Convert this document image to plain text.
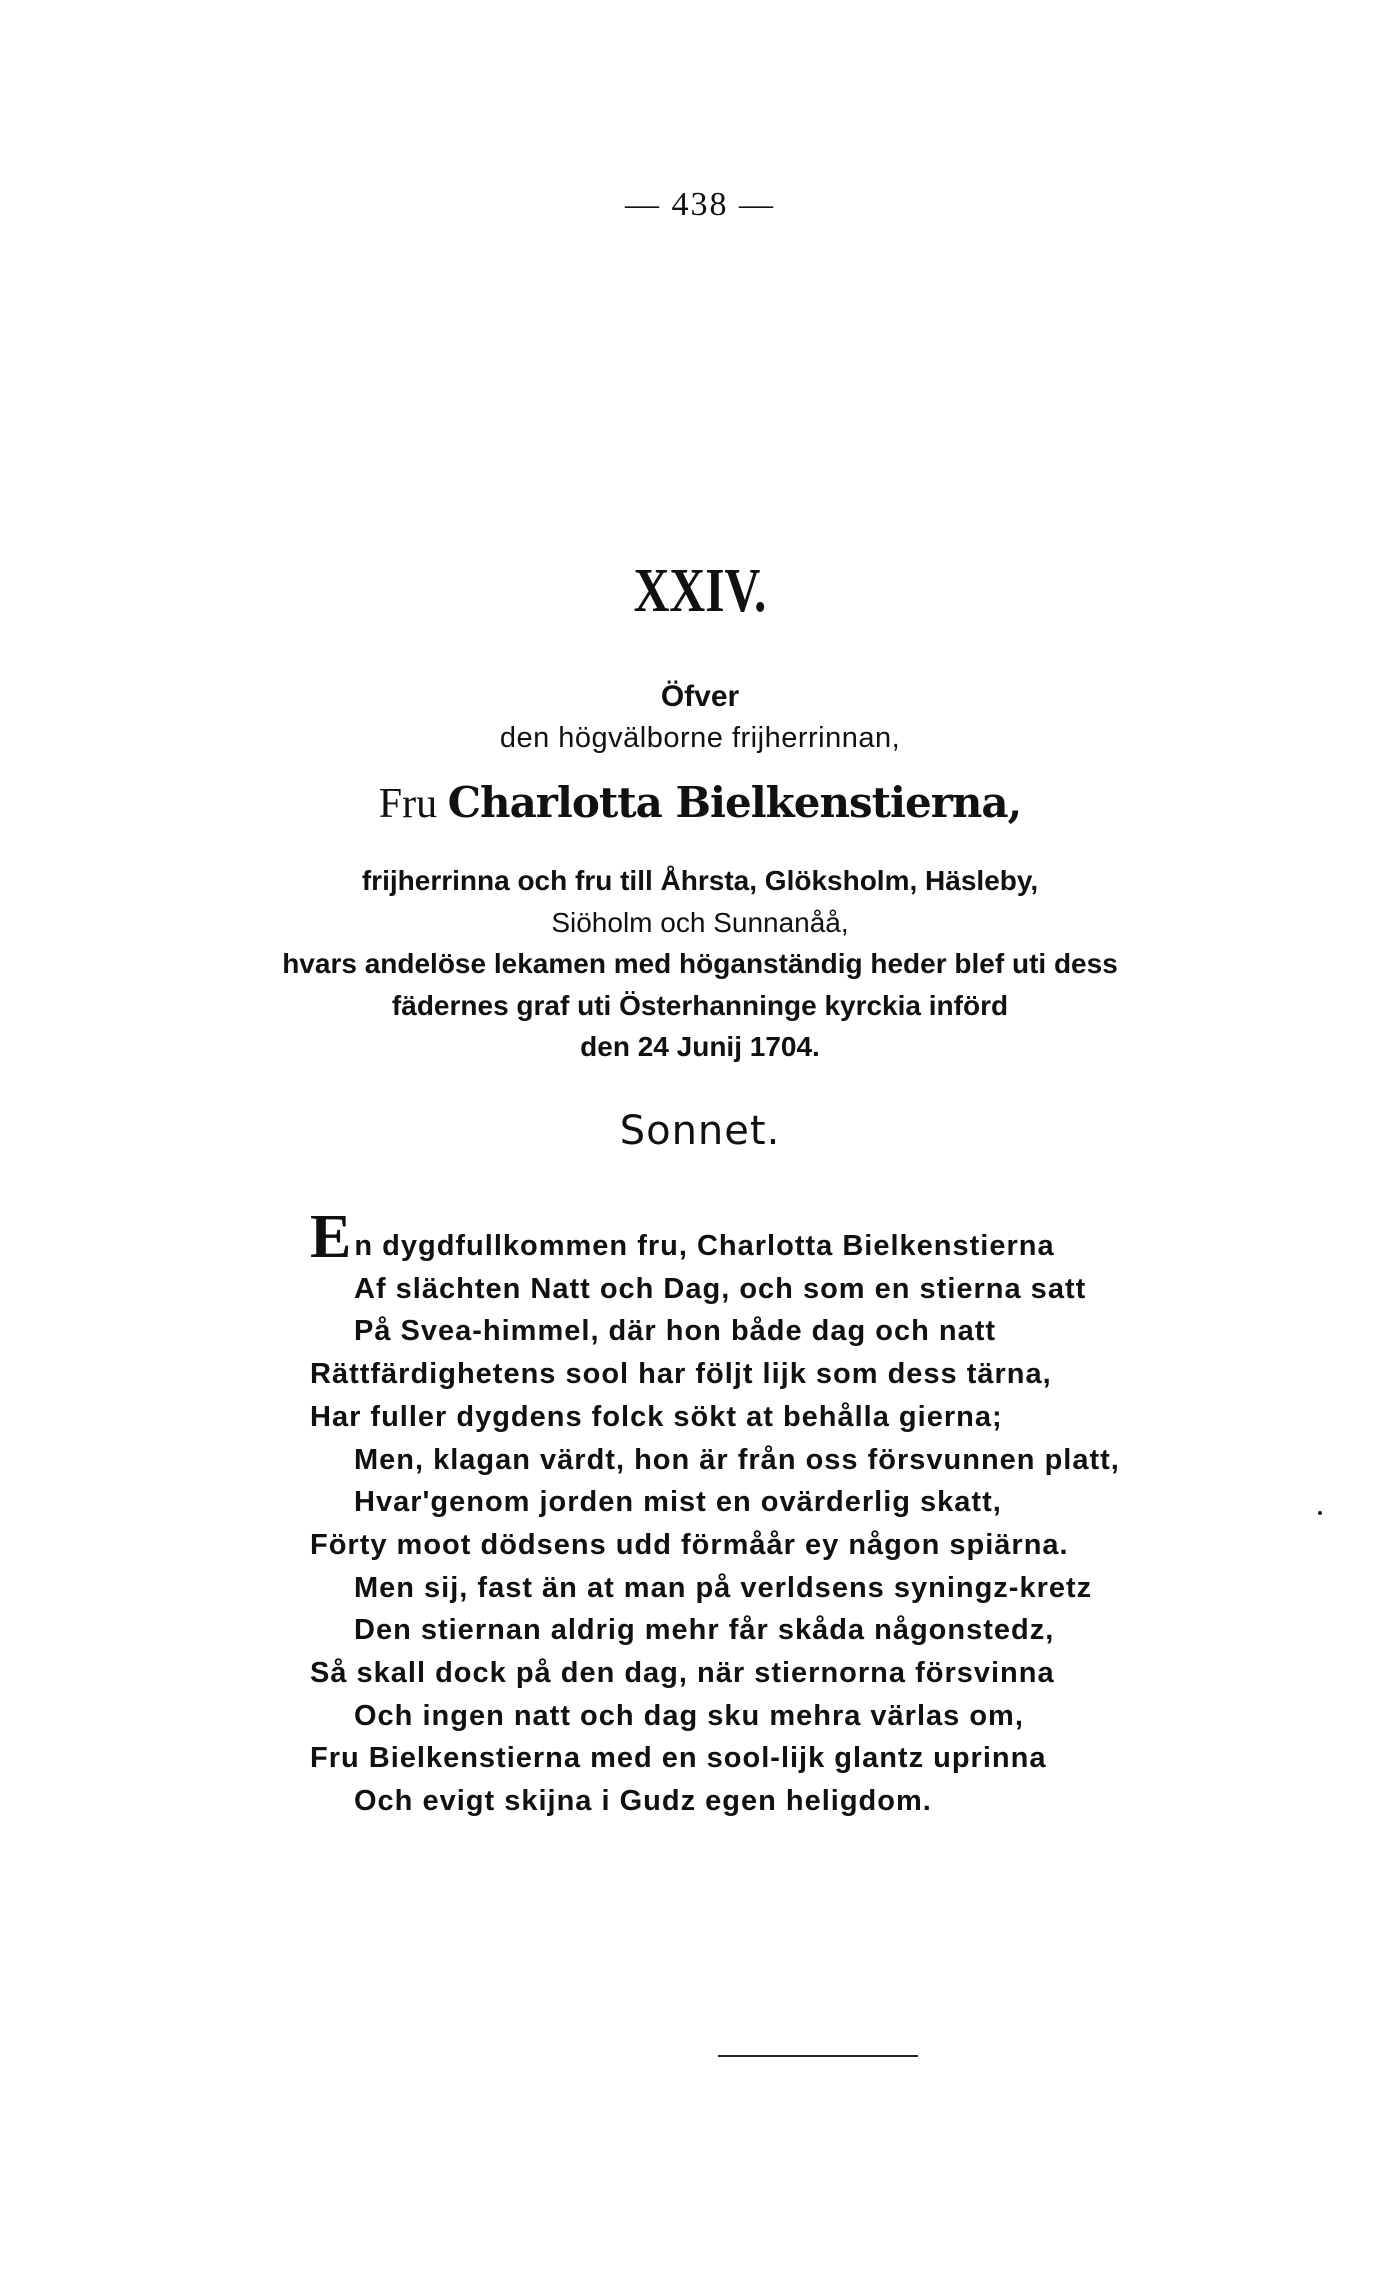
— 438 —
XXIV.
Öfver
den högvälborne frijherrinnan,
Fru Charlotta Bielkenstierna,
frijherrinna och fru till Åhrsta, Glöksholm, Häsleby,
Siöholm och Sunnanåå,
hvars andelöse lekamen med höganständig heder blef uti dess
fädernes graf uti Österhanninge kyrckia införd
den 24 Junij 1704.
Sonnet.
En dygdfullkommen fru, Charlotta Bielkenstierna
Af slächten Natt och Dag, och som en stierna satt
På Svea-himmel, där hon både dag och natt
Rättfärdighetens sool har följt lijk som dess tärna,
Har fuller dygdens folck sökt at behålla gierna;
Men, klagan värdt, hon är från oss försvunnen platt,
Hvar'genom jorden mist en ovärderlig skatt,
Förty moot dödsens udd förmåår ey någon spiärna.
Men sij, fast än at man på verldsens syningz-kretz
Den stiernan aldrig mehr får skåda någonstedz,
Så skall dock på den dag, när stiernorna försvinna
Och ingen natt och dag sku mehra värlas om,
Fru Bielkenstierna med en sool-lijk glantz uprinna
Och evigt skijna i Gudz egen heligdom.
